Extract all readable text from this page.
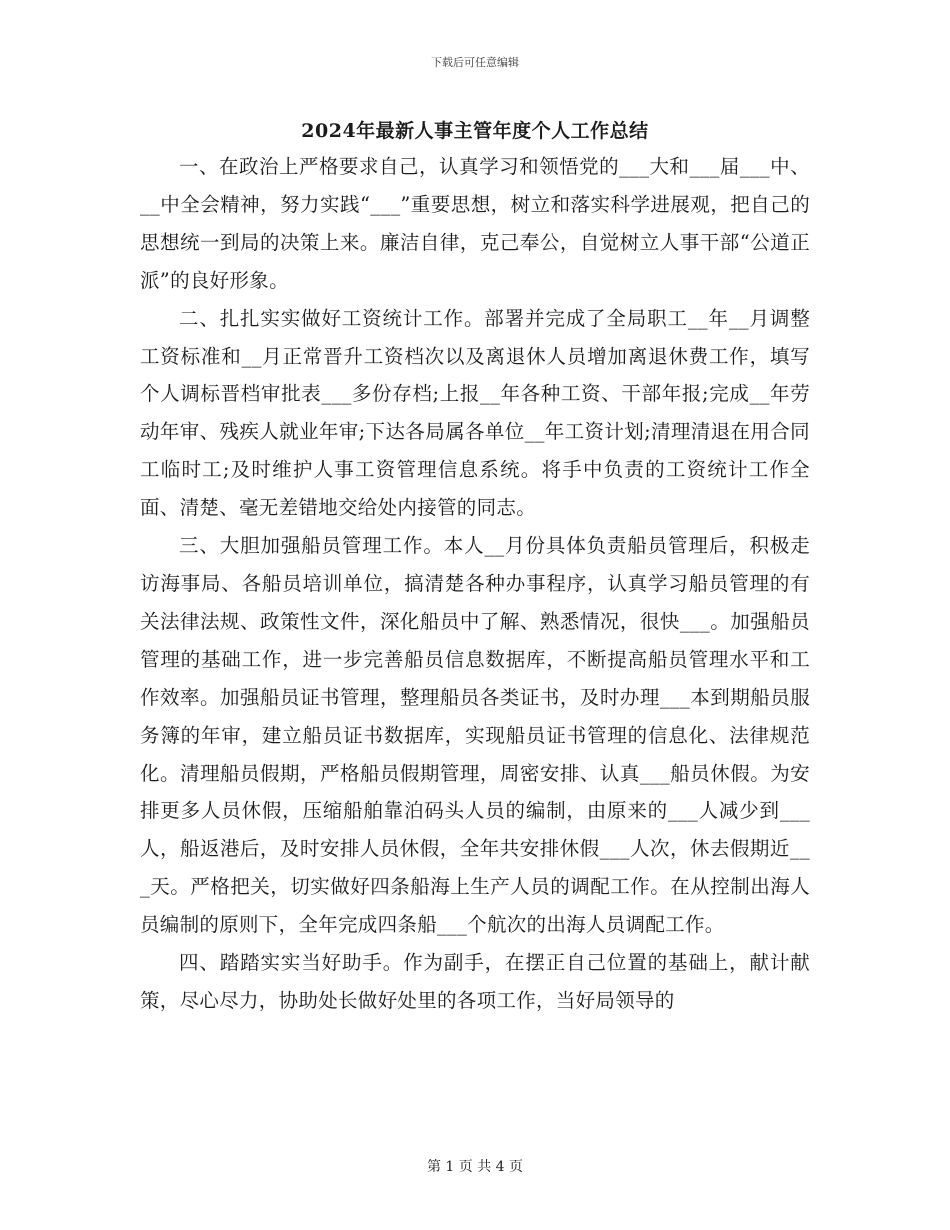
下载后可任意编辑
2024年最新人事主管年度个人工作总结

一、在政治上严格要求自己，认真学习和领悟党的___大和___届___中、__中全会精神，努力实践“___”重要思想，树立和落实科学进展观，把自己的思想统一到局的决策上来。廉洁自律，克己奉公，自觉树立人事干部“公道正派”的良好形象。

二、扎扎实实做好工资统计工作。部署并完成了全局职工__年__月调整工资标准和__月正常晋升工资档次以及离退休人员增加离退休费工作，填写个人调标晋档审批表___多份存档;上报__年各种工资、干部年报;完成__年劳动年审、残疾人就业年审;下达各局属各单位__年工资计划;清理清退在用合同工临时工;及时维护人事工资管理信息系统。将手中负责的工资统计工作全面、清楚、毫无差错地交给处内接管的同志。

三、大胆加强船员管理工作。本人__月份具体负责船员管理后，积极走访海事局、各船员培训单位，搞清楚各种办事程序，认真学习船员管理的有关法律法规、政策性文件，深化船员中了解、熟悉情况，很快___。加强船员管理的基础工作，进一步完善船员信息数据库，不断提高船员管理水平和工作效率。加强船员证书管理，整理船员各类证书，及时办理___本到期船员服务簿的年审，建立船员证书数据库，实现船员证书管理的信息化、法律规范化。清理船员假期，严格船员假期管理，周密安排、认真___船员休假。为安排更多人员休假，压缩船舶靠泊码头人员的编制，由原来的___人减少到___人，船返港后，及时安排人员休假，全年共安排休假___人次，休去假期近___天。严格把关，切实做好四条船海上生产人员的调配工作。在从控制出海人员编制的原则下，全年完成四条船___个航次的出海人员调配工作。

四、踏踏实实当好助手。作为副手，在摆正自己位置的基础上，献计献策，尽心尽力，协助处长做好处里的各项工作，当好局领导的

第 1 页 共 4 页
